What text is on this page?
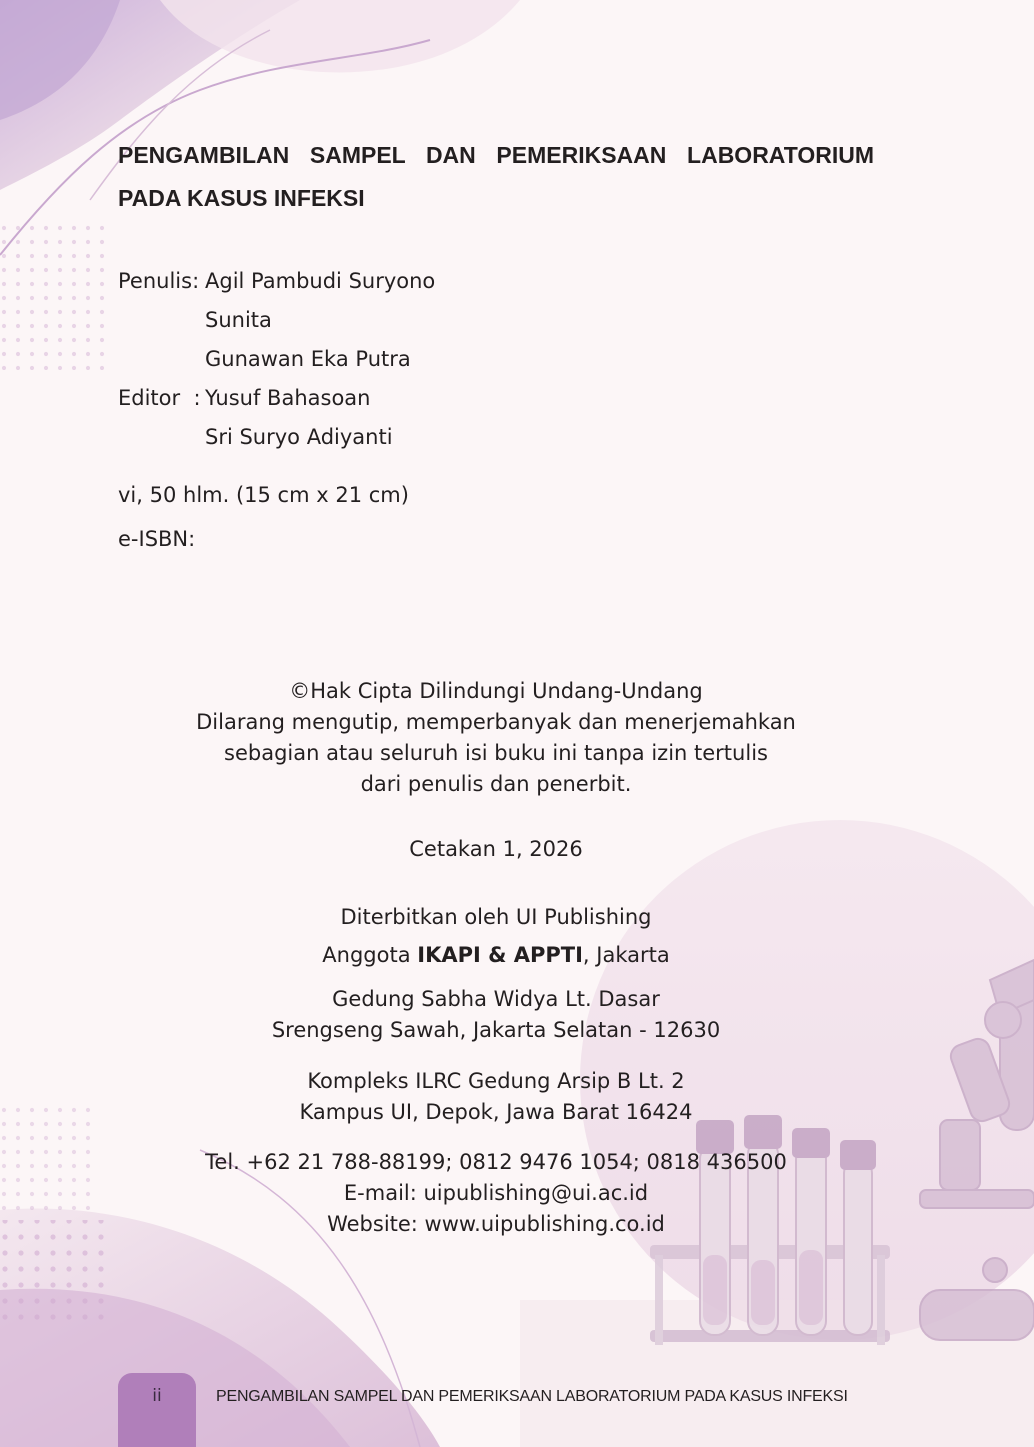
PENGAMBILAN SAMPEL DAN PEMERIKSAAN LABORATORIUM PADA KASUS INFEKSI
Penulis: Agil Pambudi Suryono
Sunita
Gunawan Eka Putra
Editor  : Yusuf Bahasoan
Sri Suryo Adiyanti
vi, 50 hlm. (15 cm x 21 cm)
e-ISBN:
©Hak Cipta Dilindungi Undang-Undang
Dilarang mengutip, memperbanyak dan menerjemahkan
sebagian atau seluruh isi buku ini tanpa izin tertulis
dari penulis dan penerbit.
Cetakan 1, 2026
Diterbitkan oleh UI Publishing
Anggota IKAPI & APPTI, Jakarta
Gedung Sabha Widya Lt. Dasar
Srengseng Sawah, Jakarta Selatan - 12630
Kompleks ILRC Gedung Arsip B Lt. 2
Kampus UI, Depok, Jawa Barat 16424
Tel. +62 21 788-88199; 0812 9476 1054; 0818 436500
E-mail: uipublishing@ui.ac.id
Website: www.uipublishing.co.id
ii	PENGAMBILAN SAMPEL DAN PEMERIKSAAN LABORATORIUM PADA KASUS INFEKSI
